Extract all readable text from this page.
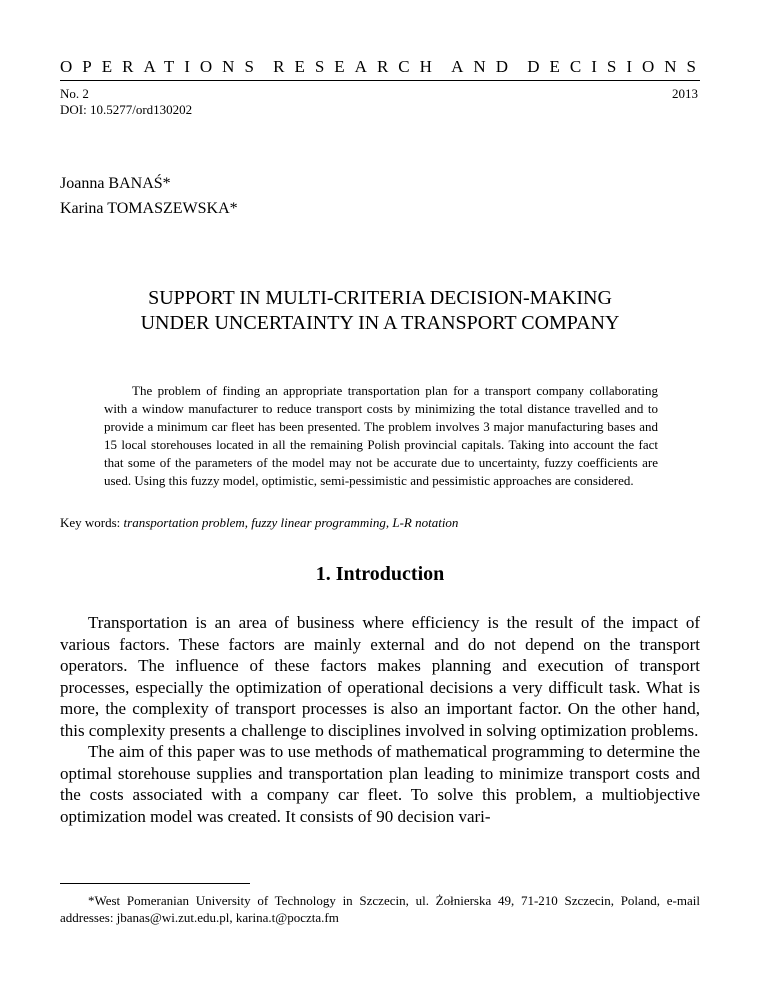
OPERATIONS RESEARCH AND DECISIONS
No. 2
DOI: 10.5277/ord130202
2013
Joanna BANAŚ*
Karina TOMASZEWSKA*
SUPPORT IN MULTI-CRITERIA DECISION-MAKING
UNDER UNCERTAINTY IN A TRANSPORT COMPANY
The problem of finding an appropriate transportation plan for a transport company collaborating with a window manufacturer to reduce transport costs by minimizing the total distance travelled and to provide a minimum car fleet has been presented. The problem involves 3 major manufacturing bases and 15 local storehouses located in all the remaining Polish provincial capitals. Taking into account the fact that some of the parameters of the model may not be accurate due to uncertainty, fuzzy coefficients are used. Using this fuzzy model, optimistic, semi-pessimistic and pessimistic approaches are considered.
Key words: transportation problem, fuzzy linear programming, L-R notation
1. Introduction

Transportation is an area of business where efficiency is the result of the impact of various factors. These factors are mainly external and do not depend on the transport operators. The influence of these factors makes planning and execution of transport processes, especially the optimization of operational decisions a very difficult task. What is more, the complexity of transport processes is also an important factor. On the other hand, this complexity presents a challenge to disciplines involved in solving optimization problems.

The aim of this paper was to use methods of mathematical programming to determine the optimal storehouse supplies and transportation plan leading to minimize transport costs and the costs associated with a company car fleet. To solve this problem, a multiobjective optimization model was created. It consists of 90 decision vari-

*West Pomeranian University of Technology in Szczecin, ul. Żołnierska 49, 71-210 Szczecin, Poland, e-mail addresses: jbanas@wi.zut.edu.pl, karina.t@poczta.fm
